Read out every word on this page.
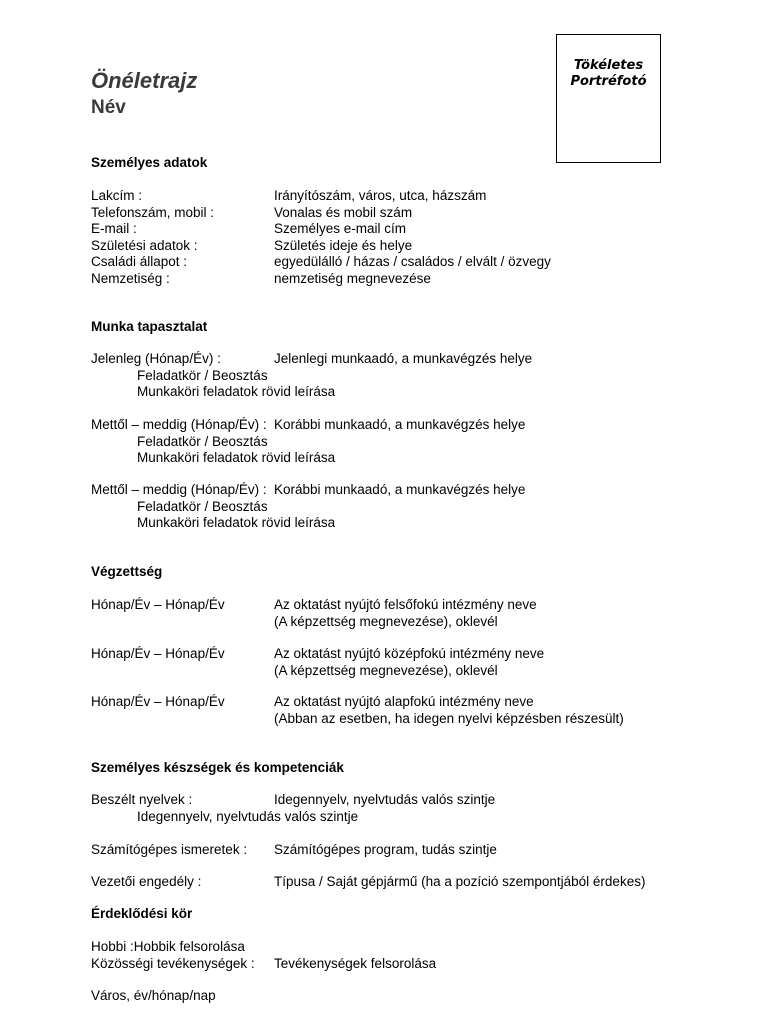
Önéletrajz
Név
Tökéletes
Portréfotó
Személyes adatok
Lakcím :	Irányítószám, város, utca, házszám
Telefonszám, mobil :	Vonalas és mobil szám
E-mail :	Személyes e-mail cím
Születési adatok :	Születés ideje és helye
Családi állapot :	egyedülálló / házas / családos / elvált / özvegy
Nemzetiség :	nemzetiség megnevezése
Munka tapasztalat
Jelenleg (Hónap/Év) :	Jelenlegi munkaadó, a munkavégzés helye
Feladatkör / Beosztás
Munkaköri feladatok rövid leírása
Mettől – meddig (Hónap/Év) : Korábbi munkaadó, a munkavégzés helye
Feladatkör / Beosztás
Munkaköri feladatok rövid leírása
Mettől – meddig (Hónap/Év) : Korábbi munkaadó, a munkavégzés helye
Feladatkör / Beosztás
Munkaköri feladatok rövid leírása
Végzettség
Hónap/Év – Hónap/Év	Az oktatást nyújtó felsőfokú intézmény neve
(A képzettség megnevezése), oklevél
Hónap/Év – Hónap/Év	Az oktatást nyújtó középfokú intézmény neve
(A képzettség megnevezése), oklevél
Hónap/Év – Hónap/Év	Az oktatást nyújtó alapfokú intézmény neve
(Abban az esetben, ha idegen nyelvi képzésben részesült)
Személyes készségek és kompetenciák
Beszélt nyelvek :	Idegennyelv, nyelvtudás valós szintje
Idegennyelv, nyelvtudás valós szintje
Számítógépes ismeretek : Számítógépes program, tudás szintje
Vezetői engedély :	Típusa / Saját gépjármű (ha a pozíció szempontjából érdekes)
Érdeklődési kör
Hobbi :Hobbik felsorolása
Közösségi tevékenységek : Tevékenységek felsorolása
Város, év/hónap/nap
